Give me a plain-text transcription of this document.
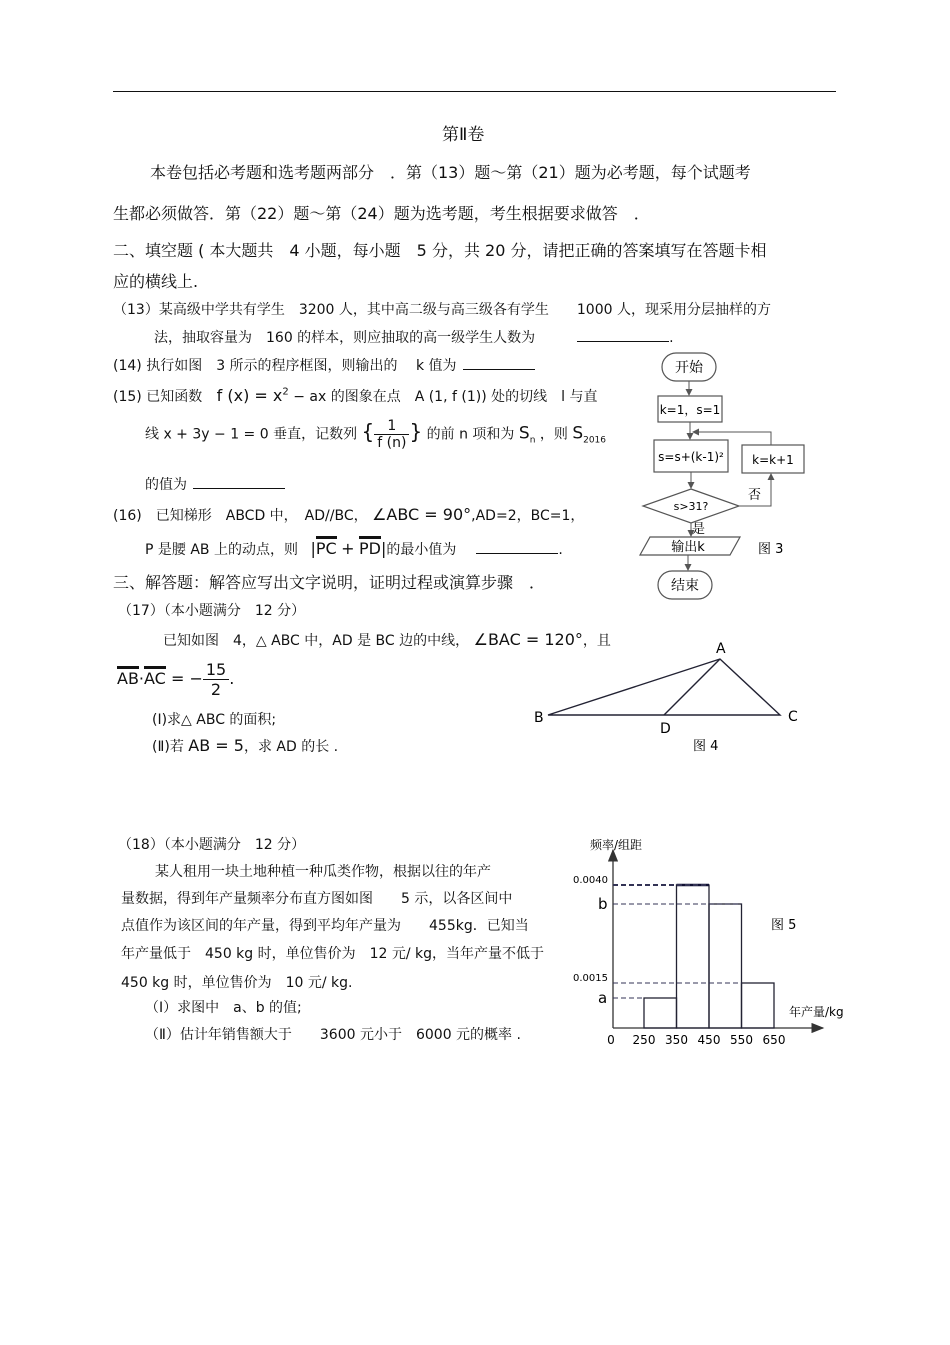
第Ⅱ卷
本卷包括必考题和选考题两部分　．第（13）题～第（21）题为必考题，每个试题考
生都必须做答．第（22）题～第（24）题为选考题，考生根据要求做答　．
二、填空题 ( 本大题共　4 小题，每小题　5 分，共 20 分，请把正确的答案填写在答题卡相
应的横线上.
（13）某高级中学共有学生　3200 人，其中高二级与高三级各有学生　　1000 人，现采用分层抽样的方
法，抽取容量为　160 的样本，则应抽取的高一级学生人数为	.
(14) 执行如图　3 所示的程序框图，则输出的　 k 值为
(15) 已知函数 f $(x) = x^2$ − ax 的图象在点　A (1, f (1)) 处的切线　l 与直
线 x + 3y − 1 = 0 垂直，记数列 { $\frac{1}{f (n)}$ } 的前 n 项和为 $S_n$ ，则 $S_{2016}$
的值为
(16)　已知梯形　ABCD 中，　AD//BC， ∠ABC = 90°,AD=2，BC=1，
P 是腰 AB 上的动点，则 |PC + PD|的最小值为	.
三、解答题：解答应写出文字说明，证明过程或演算步骤　．
（17）（本小题满分　12 分）
已知如图　4，△ ABC 中，AD 是 BC 边的中线， ∠BAC = 120°，且
AB·AC = − $\frac{15}{2}$ .
(Ⅰ)求△ ABC 的面积;
(Ⅱ)若 AB = 5，求 AD 的长 .
（18）（本小题满分　12 分）
某人租用一块土地种植一种瓜类作物，根据以往的年产
量数据，得到年产量频率分布直方图如图　　5 示，以各区间中
点值作为该区间的年产量，得到平均年产量为　　455kg．已知当
年产量低于　450 kg 时，单位售价为　12 元/ kg，当年产量不低于
450 kg 时，单位售价为　10 元/ kg.
（Ⅰ）求图中　a、b 的值;
（Ⅱ）估计年销售额大于　　3600 元小于　6000 元的概率 .
开始
k=1，s=1
s=s+(k-1)²
s>31?
否
k=k+1
是
输出k
结束
图 3
A
B	C
D
图 4
频率/组距
年产量/kg
0.0040
b
0.0015
a
0 250 350 450 550 650
图 5
